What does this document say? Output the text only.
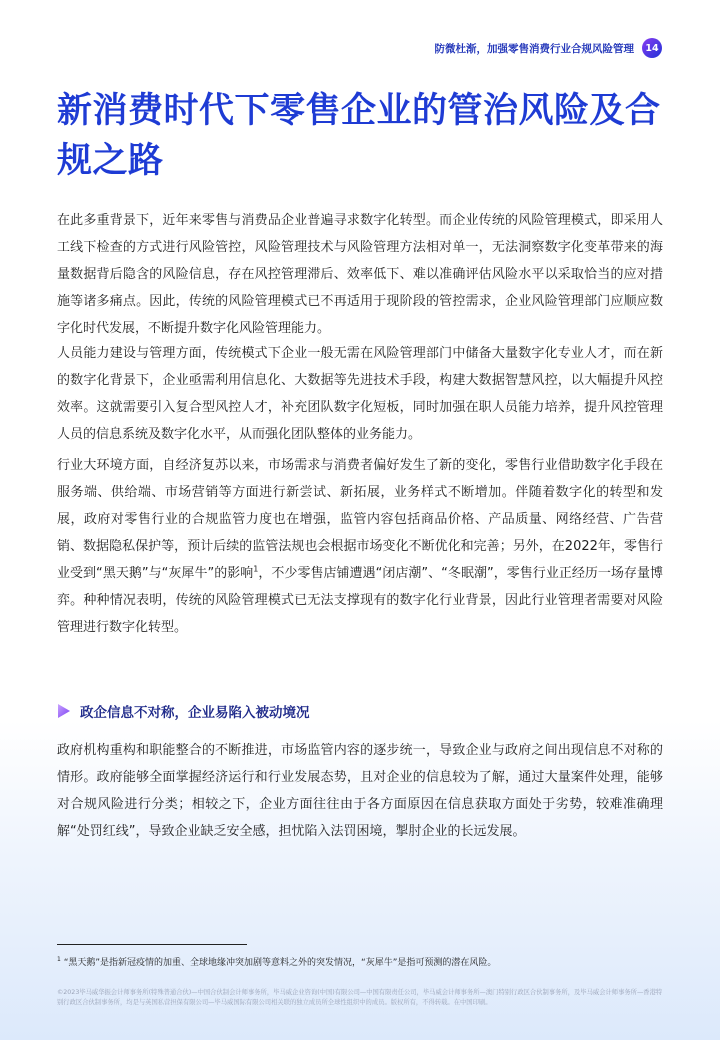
防微杜渐，加强零售消费行业合规风险管理	14
新消费时代下零售企业的管治风险及合规之路

在此多重背景下，近年来零售与消费品企业普遍寻求数字化转型。而企业传统的风险管理模式，即采用人工线下检查的方式进行风险管控，风险管理技术与风险管理方法相对单一，无法洞察数字化变革带来的海量数据背后隐含的风险信息，存在风控管理滞后、效率低下、难以准确评估风险水平以采取恰当的应对措施等诸多痛点。因此，传统的风险管理模式已不再适用于现阶段的管控需求，企业风险管理部门应顺应数字化时代发展，不断提升数字化风险管理能力。

人员能力建设与管理方面，传统模式下企业一般无需在风险管理部门中储备大量数字化专业人才，而在新的数字化背景下，企业亟需利用信息化、大数据等先进技术手段，构建大数据智慧风控，以大幅提升风控效率。这就需要引入复合型风控人才，补充团队数字化短板，同时加强在职人员能力培养，提升风控管理人员的信息系统及数字化水平，从而强化团队整体的业务能力。

行业大环境方面，自经济复苏以来，市场需求与消费者偏好发生了新的变化，零售行业借助数字化手段在服务端、供给端、市场营销等方面进行新尝试、新拓展，业务样式不断增加。伴随着数字化的转型和发展，政府对零售行业的合规监管力度也在增强，监管内容包括商品价格、产品质量、网络经营、广告营销、数据隐私保护等，预计后续的监管法规也会根据市场变化不断优化和完善；另外，在2022年，零售行业受到“黑天鹅”与“灰犀牛”的影响$^1$，不少零售店铺遭遇“闭店潮”、“冬眠潮”，零售行业正经历一场存量博弈。种种情况表明，传统的风险管理模式已无法支撑现有的数字化行业背景，因此行业管理者需要对风险管理进行数字化转型。

政企信息不对称，企业易陷入被动境况

政府机构重构和职能整合的不断推进，市场监管内容的逐步统一，导致企业与政府之间出现信息不对称的情形。政府能够全面掌握经济运行和行业发展态势，且对企业的信息较为了解，通过大量案件处理，能够对合规风险进行分类；相较之下，企业方面往往由于各方面原因在信息获取方面处于劣势，较难准确理解“处罚红线”，导致企业缺乏安全感，担忧陷入法罚困境，掣肘企业的长远发展。

$^1$ “黑天鹅”是指新冠疫情的加重、全球地缘冲突加剧等意料之外的突发情况，“灰犀牛”是指可预测的潜在风险。
©2023毕马威华振会计师事务所(特殊普通合伙)—中国合伙制会计师事务所，毕马威企业咨询(中国)有限公司—中国有限责任公司，毕马威会计师事务所—澳门特别行政区合伙制事务所，及毕马威会计师事务所—香港特别行政区合伙制事务所，均是与英国私营担保有限公司—毕马威国际有限公司相关联的独立成员所全球性组织中的成员。版权所有，不得转载。在中国印刷。
